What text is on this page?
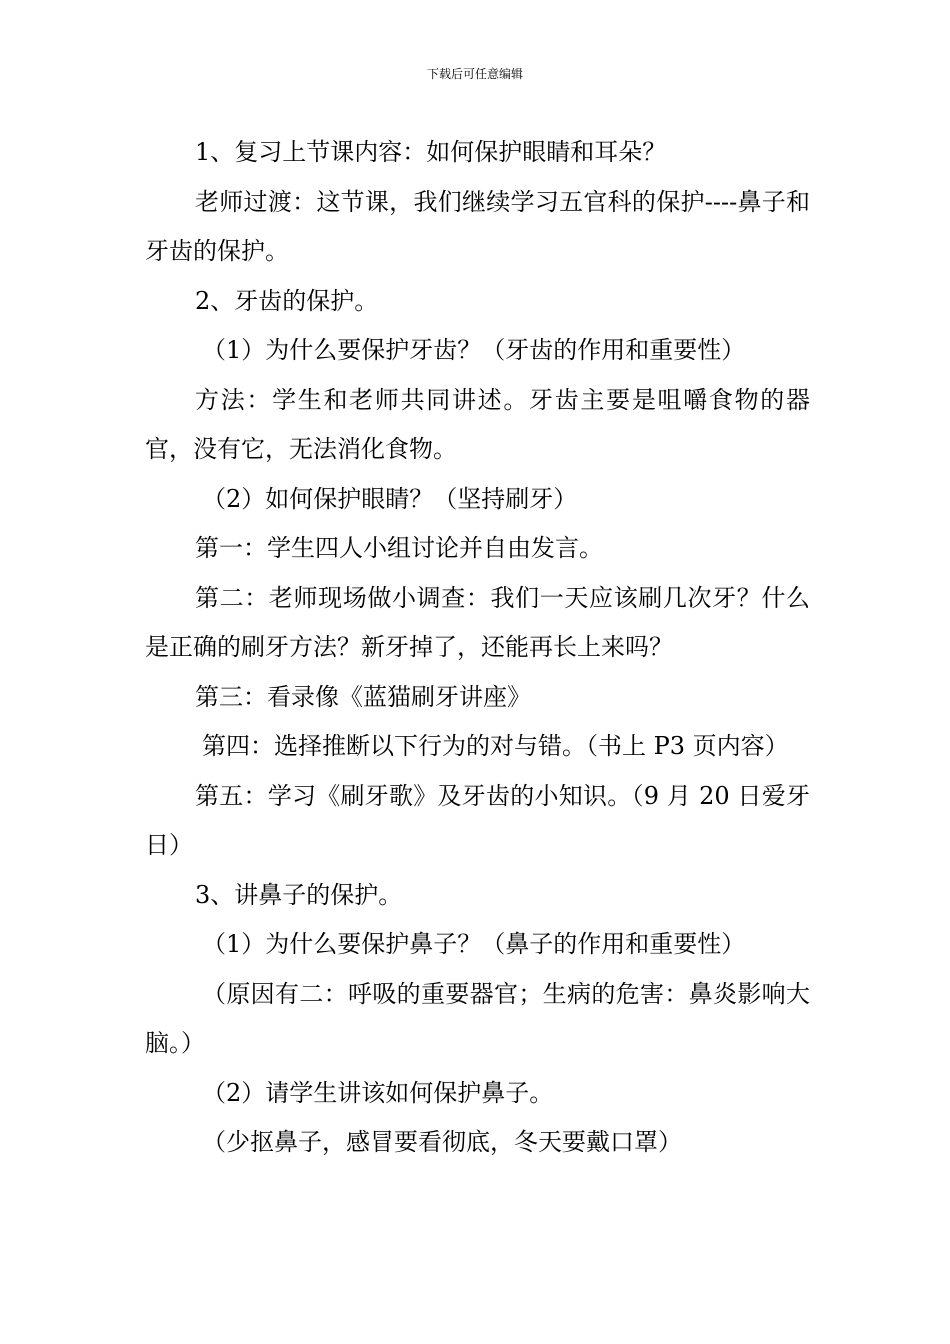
下载后可任意编辑

1、复习上节课内容：如何保护眼睛和耳朵？

老师过渡：这节课，我们继续学习五官科的保护----鼻子和牙齿的保护。

2、牙齿的保护。

（1）为什么要保护牙齿？（牙齿的作用和重要性）

方法：学生和老师共同讲述。牙齿主要是咀嚼食物的器官，没有它，无法消化食物。

（2）如何保护眼睛？（坚持刷牙）

第一：学生四人小组讨论并自由发言。

第二：老师现场做小调查：我们一天应该刷几次牙？什么是正确的刷牙方法？新牙掉了，还能再长上来吗？

第三：看录像《蓝猫刷牙讲座》

第四：选择推断以下行为的对与错。（书上 P3 页内容）

第五：学习《刷牙歌》及牙齿的小知识。（9 月 20 日爱牙日）

3、讲鼻子的保护。

（1）为什么要保护鼻子？（鼻子的作用和重要性）

（原因有二：呼吸的重要器官；生病的危害：鼻炎影响大脑。）

（2）请学生讲该如何保护鼻子。

（少抠鼻子，感冒要看彻底，冬天要戴口罩）
